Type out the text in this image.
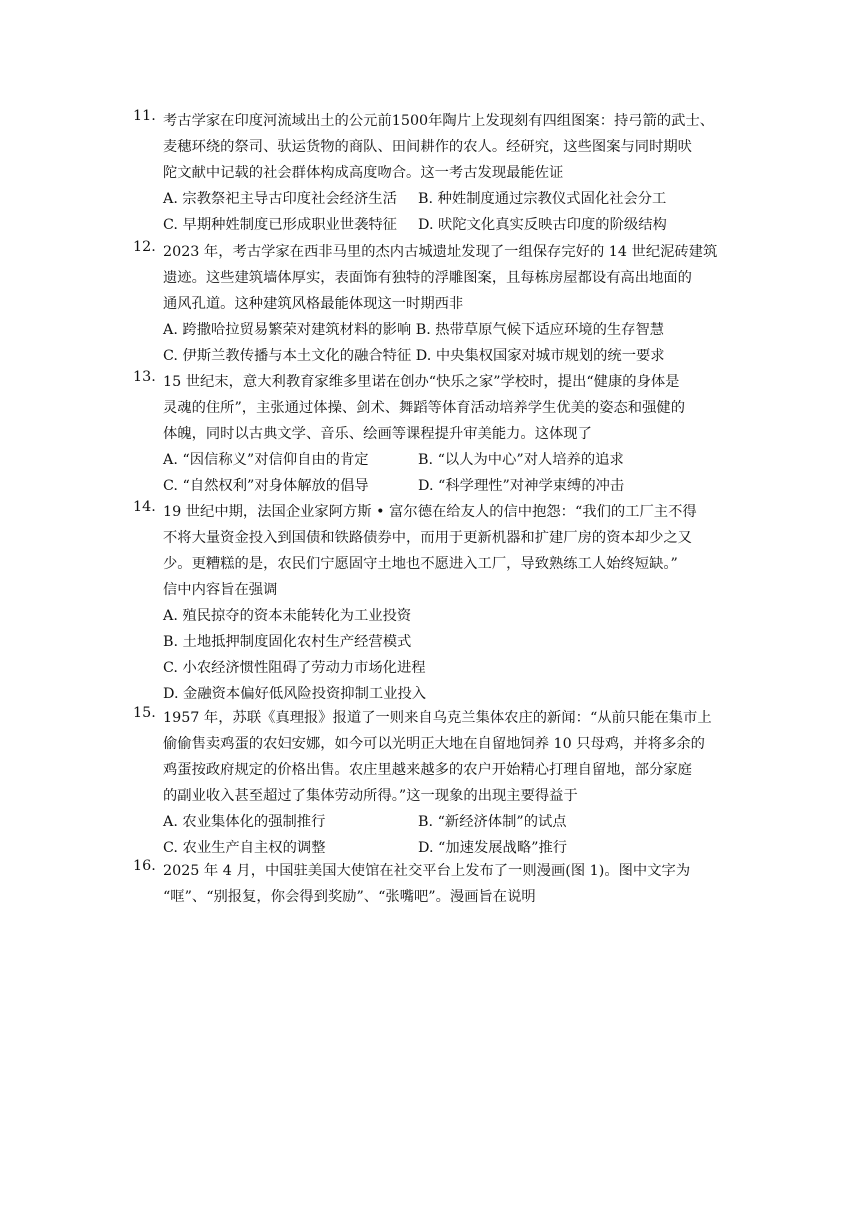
11. 考古学家在印度河流域出土的公元前1500年陶片上发现刻有四组图案：持弓箭的武士、
麦穗环绕的祭司、驮运货物的商队、田间耕作的农人。经研究，这些图案与同时期吠
陀文献中记载的社会群体构成高度吻合。这一考古发现最能佐证
A. 宗教祭祀主导古印度社会经济生活 B. 种姓制度通过宗教仪式固化社会分工
C. 早期种姓制度已形成职业世袭特征 D. 吠陀文化真实反映古印度的阶级结构
12. 2023 年，考古学家在西非马里的杰内古城遗址发现了一组保存完好的 14 世纪泥砖建筑
遗迹。这些建筑墙体厚实，表面饰有独特的浮雕图案，且每栋房屋都设有高出地面的
通风孔道。这种建筑风格最能体现这一时期西非
A. 跨撒哈拉贸易繁荣对建筑材料的影响 B. 热带草原气候下适应环境的生存智慧
C. 伊斯兰教传播与本土文化的融合特征 D. 中央集权国家对城市规划的统一要求
13. 15 世纪末，意大利教育家维多里诺在创办“快乐之家”学校时，提出“健康的身体是
灵魂的住所”，主张通过体操、剑术、舞蹈等体育活动培养学生优美的姿态和强健的
体魄，同时以古典文学、音乐、绘画等课程提升审美能力。这体现了
A. “因信称义”对信仰自由的肯定	B. “以人为中心”对人培养的追求
C. “自然权利”对身体解放的倡导	D. “科学理性”对神学束缚的冲击
14. 19 世纪中期，法国企业家阿方斯 • 富尔德在给友人的信中抱怨：“我们的工厂主不得
不将大量资金投入到国债和铁路债券中，而用于更新机器和扩建厂房的资本却少之又
少。更糟糕的是，农民们宁愿固守土地也不愿进入工厂，导致熟练工人始终短缺。”
信中内容旨在强调
A. 殖民掠夺的资本未能转化为工业投资
B. 土地抵押制度固化农村生产经营模式
C. 小农经济惯性阻碍了劳动力市场化进程
D. 金融资本偏好低风险投资抑制工业投入
15. 1957 年，苏联《真理报》报道了一则来自乌克兰集体农庄的新闻：“从前只能在集市上
偷偷售卖鸡蛋的农妇安娜，如今可以光明正大地在自留地饲养 10 只母鸡，并将多余的
鸡蛋按政府规定的价格出售。农庄里越来越多的农户开始精心打理自留地，部分家庭
的副业收入甚至超过了集体劳动所得。”这一现象的出现主要得益于
A. 农业集体化的强制推行	B. “新经济体制”的试点
C. 农业生产自主权的调整	D. “加速发展战略”推行
16. 2025 年 4 月，中国驻美国大使馆在社交平台上发布了一则漫画(图 1)。图中文字为
“哐”、“别报复，你会得到奖励”、“张嘴吧”。漫画旨在说明
